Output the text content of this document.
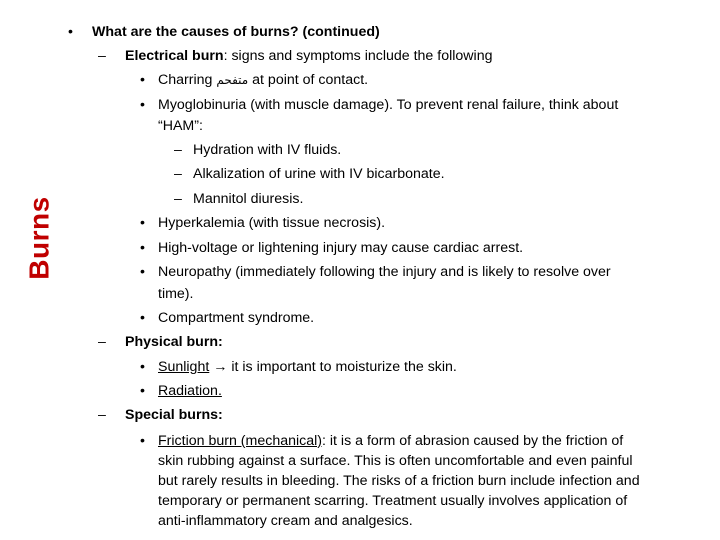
Burns
• What are the causes of burns? (continued)
– Electrical burn: signs and symptoms include the following
• Charring متفحم at point of contact.
• Myoglobinuria (with muscle damage). To prevent renal failure, think about
“HAM”:
– Hydration with IV fluids.
– Alkalization of urine with IV bicarbonate.
– Mannitol diuresis.
• Hyperkalemia (with tissue necrosis).
• High-voltage or lightening injury may cause cardiac arrest.
• Neuropathy (immediately following the injury and is likely to resolve over
time).
• Compartment syndrome.
– Physical burn:
• Sunlight → it is important to moisturize the skin.
• Radiation.
– Special burns:
• Friction burn (mechanical): it is a form of abrasion caused by the friction of
skin rubbing against a surface. This is often uncomfortable and even painful
but rarely results in bleeding. The risks of a friction burn include infection and
temporary or permanent scarring. Treatment usually involves application of
anti-inflammatory cream and analgesics.
